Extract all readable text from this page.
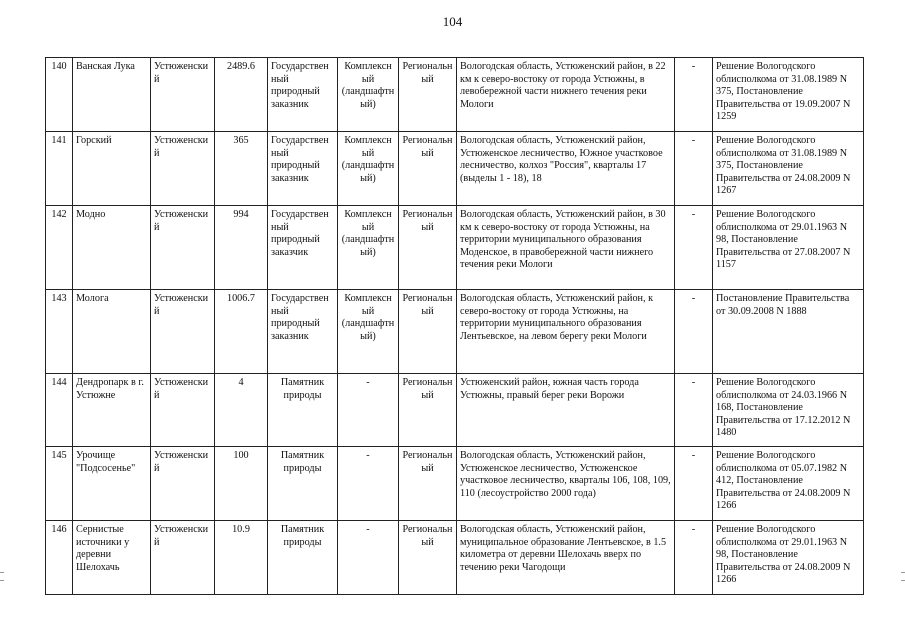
104
140	Ванская Лука	Устюженский	2489.6	Государственный природный заказник	Комплексный (ландшафтный)	Региональный	Вологодская область, Устюженский район, в 22 км к северо-востоку от города Устюжны, в левобережной части нижнего течения реки Мологи	-	Решение Вологодского облисполкома от 31.08.1989 N 375, Постановление Правительства от 19.09.2007 N 1259
141	Горский	Устюженский	365	Государственный природный заказник	Комплексный (ландшафтный)	Региональный	Вологодская область, Устюженский район, Устюженское лесничество, Южное участковое лесничество, колхоз "Россия", кварталы 17 (выделы 1 - 18), 18	-	Решение Вологодского облисполкома от 31.08.1989 N 375, Постановление Правительства от 24.08.2009 N 1267
142	Модно	Устюженский	994	Государственный природный заказчик	Комплексный (ландшафтный)	Региональный	Вологодская область, Устюженский район, в 30 км к северо-востоку от города Устюжны, на территории муниципального образования Моденское, в правобережной части нижнего течения реки Мологи	-	Решение Вологодского облисполкома от 29.01.1963 N 98, Постановление Правительства от 27.08.2007 N 1157
143	Молога	Устюженский	1006.7	Государственный природный заказник	Комплексный (ландшафтный)	Региональный	Вологодская область, Устюженский район, к северо-востоку от города Устюжны, на территории муниципального образования Лентьевское, на левом берегу реки Мологи	-	Постановление Правительства от 30.09.2008 N 1888
144	Дендропарк в г. Устюжне	Устюженский	4	Памятник природы	-	Региональный	Устюженский район, южная часть города Устюжны, правый берег реки Ворожи	-	Решение Вологодского облисполкома от 24.03.1966 N 168, Постановление Правительства от 17.12.2012 N 1480
145	Урочище "Подсосенье"	Устюженский	100	Памятник природы	-	Региональный	Вологодская область, Устюженский район, Устюженское лесничество, Устюженское участковое лесничество, кварталы 106, 108, 109, 110 (лесоустройство 2000 года)	-	Решение Вологодского облисполкома от 05.07.1982 N 412, Постановление Правительства от 24.08.2009 N 1266
146	Сернистые источники у деревни Шелохачь	Устюженский	10.9	Памятник природы	-	Региональный	Вологодская область, Устюженский район, муниципальное образование Лентьевское, в 1.5 километра от деревни Шелохачь вверх по течению реки Чагодощи	-	Решение Вологодского облисполкома от 29.01.1963 N 98, Постановление Правительства от 24.08.2009 N 1266
